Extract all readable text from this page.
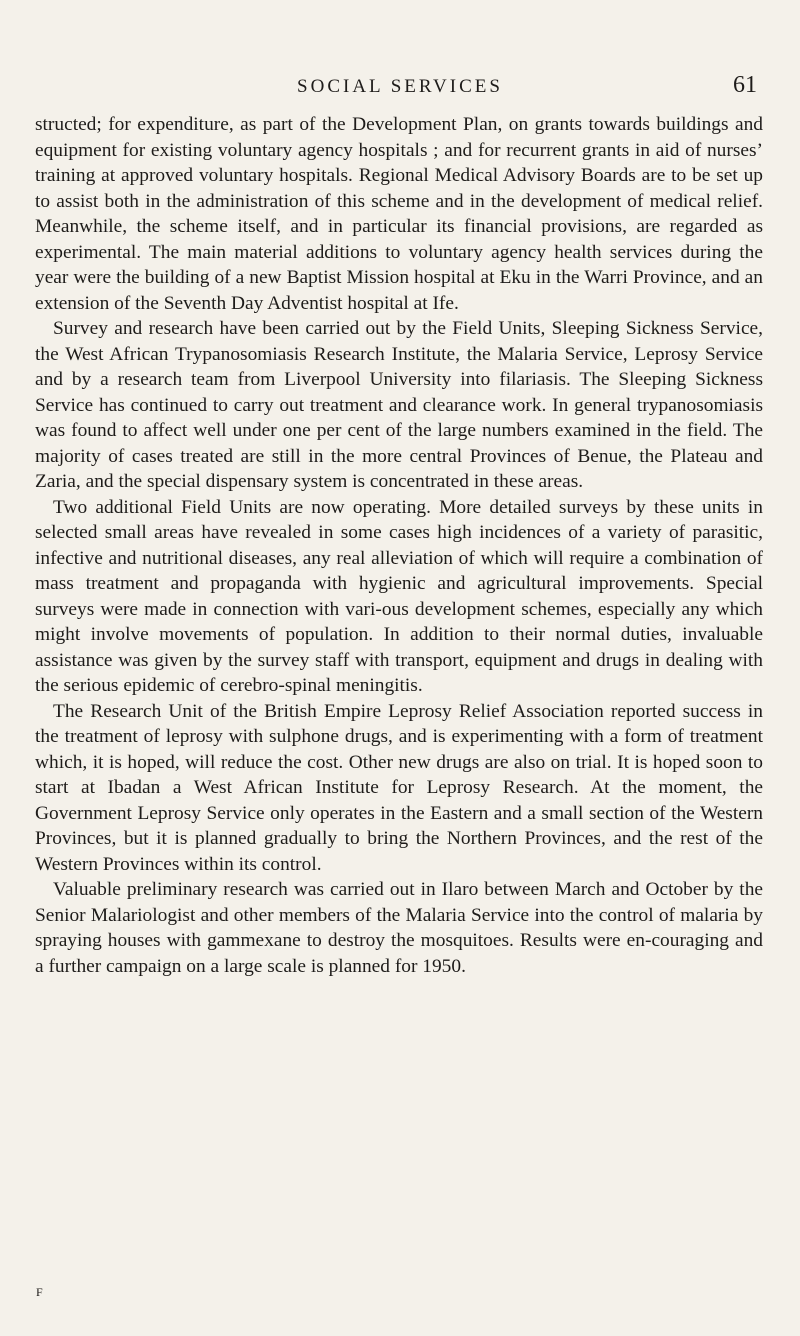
SOCIAL SERVICES	61

structed; for expenditure, as part of the Development Plan, on grants towards buildings and equipment for existing voluntary agency hospitals ; and for recurrent grants in aid of nurses’ training at approved voluntary hospitals. Regional Medical Advisory Boards are to be set up to assist both in the administration of this scheme and in the development of medical relief. Meanwhile, the scheme itself, and in particular its financial provisions, are regarded as experimental. The main material additions to voluntary agency health services during the year were the building of a new Baptist Mission hospital at Eku in the Warri Province, and an extension of the Seventh Day Adventist hospital at Ife.

Survey and research have been carried out by the Field Units, Sleeping Sickness Service, the West African Trypanosomiasis Research Institute, the Malaria Service, Leprosy Service and by a research team from Liverpool University into filariasis. The Sleeping Sickness Service has continued to carry out treatment and clearance work. In general trypanosomiasis was found to affect well under one per cent of the large numbers examined in the field. The majority of cases treated are still in the more central Provinces of Benue, the Plateau and Zaria, and the special dispensary system is concentrated in these areas.

Two additional Field Units are now operating. More detailed surveys by these units in selected small areas have revealed in some cases high incidences of a variety of parasitic, infective and nutritional diseases, any real alleviation of which will require a combination of mass treatment and propaganda with hygienic and agricultural improvements. Special surveys were made in connection with vari-ous development schemes, especially any which might involve movements of population. In addition to their normal duties, invaluable assistance was given by the survey staff with transport, equipment and drugs in dealing with the serious epidemic of cerebro-spinal meningitis.

The Research Unit of the British Empire Leprosy Relief Association reported success in the treatment of leprosy with sulphone drugs, and is experimenting with a form of treatment which, it is hoped, will reduce the cost. Other new drugs are also on trial. It is hoped soon to start at Ibadan a West African Institute for Leprosy Research. At the moment, the Government Leprosy Service only operates in the Eastern and a small section of the Western Provinces, but it is planned gradually to bring the Northern Provinces, and the rest of the Western Provinces within its control.

Valuable preliminary research was carried out in Ilaro between March and October by the Senior Malariologist and other members of the Malaria Service into the control of malaria by spraying houses with gammexane to destroy the mosquitoes. Results were en-couraging and a further campaign on a large scale is planned for 1950.

F
